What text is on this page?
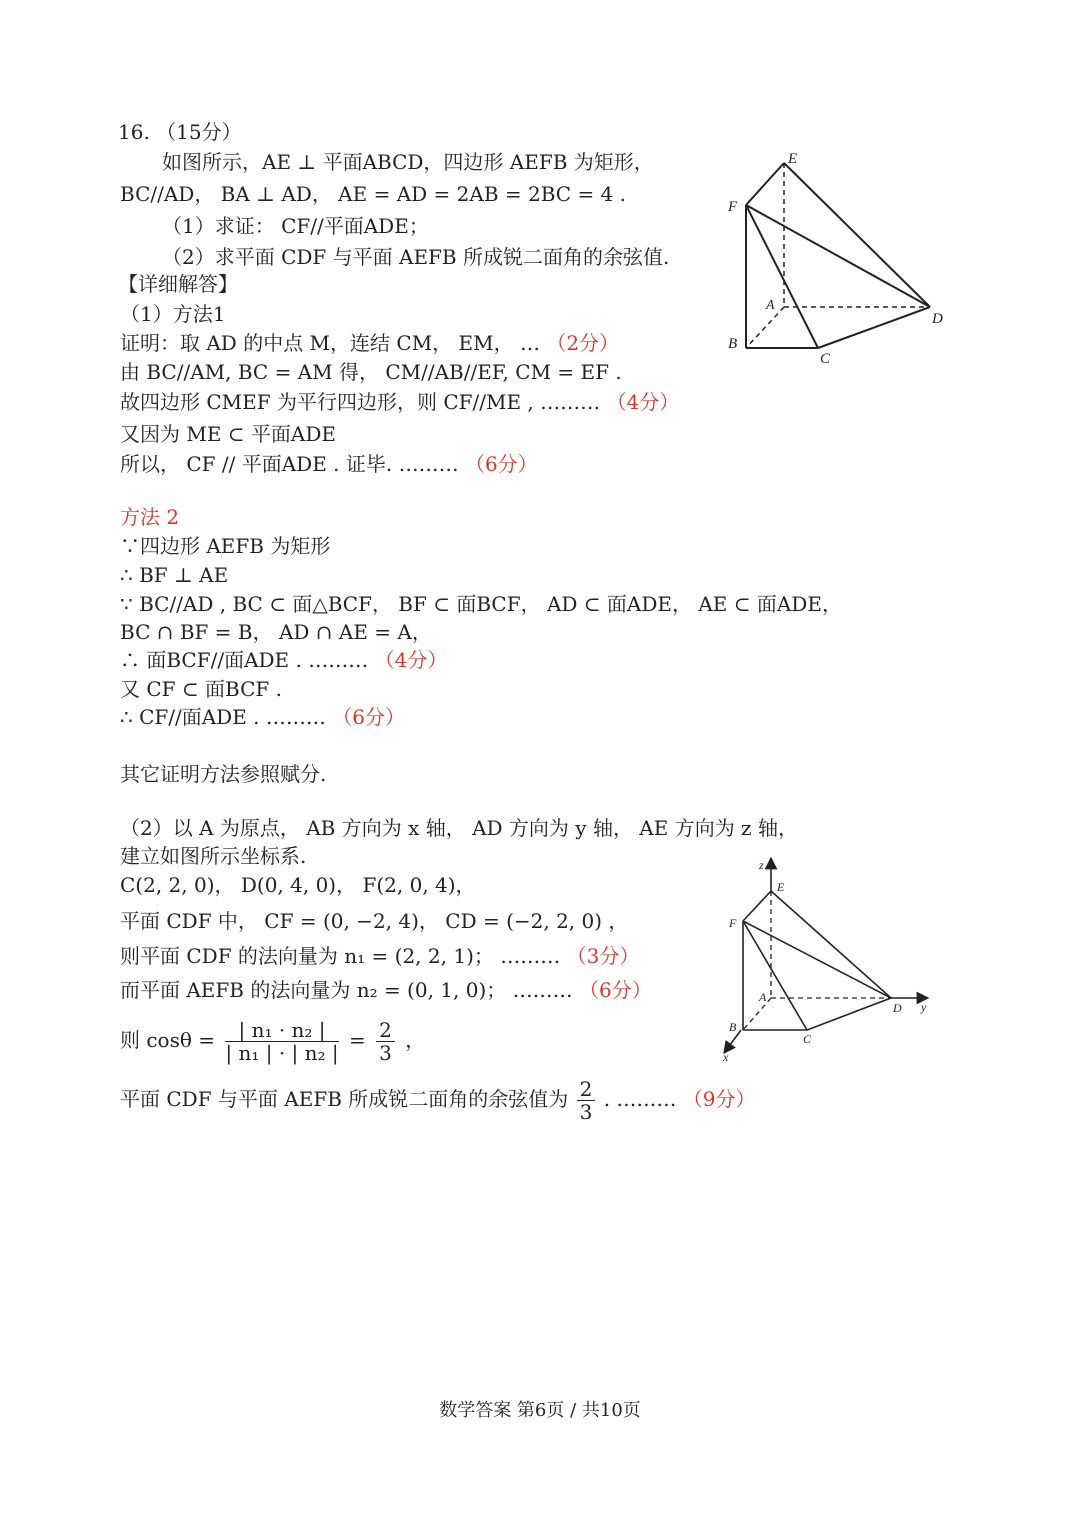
16. （15分）
如图所示，AE ⊥ 平面ABCD，四边形 AEFB 为矩形，
BC//AD， BA ⊥ AD， AE = AD = 2AB = 2BC = 4 .
（1）求证： CF//平面ADE；
（2）求平面 CDF 与平面 AEFB 所成锐二面角的余弦值.
【详细解答】
（1）方法1
证明：取 AD 的中点 M，连结 CM， EM， … （2分）
由 BC//AM, BC = AM 得， CM//AB//EF, CM = EF .
故四边形 CMEF 为平行四边形，则 CF//ME , ……… （4分）
又因为 ME ⊂ 平面ADE
所以， CF // 平面ADE . 证毕. ……… （6分）
方法 2
∵四边形 AEFB 为矩形
∴ BF ⊥ AE
∵ BC//AD , BC ⊂ 面△BCF， BF ⊂ 面BCF， AD ⊂ 面ADE， AE ⊂ 面ADE，
BC ∩ BF = B， AD ∩ AE = A，
∴ 面BCF//面ADE . ……… （4分）
又 CF ⊂ 面BCF .
∴ CF//面ADE . ……… （6分）
其它证明方法参照赋分.
（2）以 A 为原点， AB 方向为 x 轴， AD 方向为 y 轴， AE 方向为 z 轴，
建立如图所示坐标系.
C(2, 2, 0)， D(0, 4, 0)， F(2, 0, 4)，
平面 CDF 中， CF = (0, −2, 4)， CD = (−2, 2, 0) ，
则平面 CDF 的法向量为 n₁ = (2, 2, 1)； ……… （3分）
而平面 AEFB 的法向量为 n₂ = (0, 1, 0)； ……… （6分）
则 $\cos\theta = \frac{\text{| n₁ · n₂ |}}{\text{| n₁ | · | n₂ |}} = \frac{2}{3}$ ，
平面 CDF 与平面 AEFB 所成锐二面角的余弦值为 $\frac{2}{3}$ . ……… （9分）
E
F
A
B
C
D
z
E
F
A
B
C
D y
x
数学答案 第6页 / 共10页
